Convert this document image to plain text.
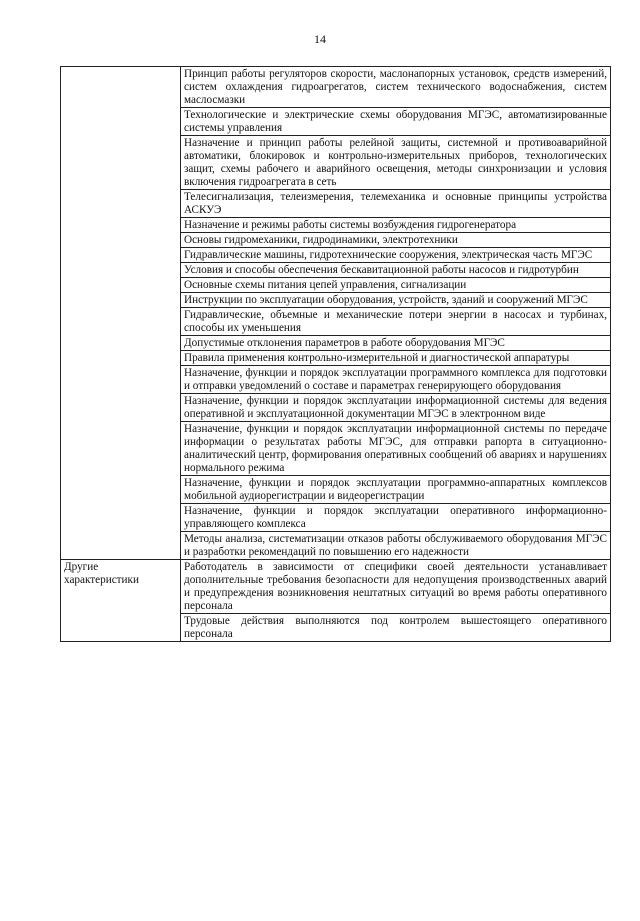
14

	Принцип работы регуляторов скорости, маслонапорных установок, средств измерений, систем охлаждения гидроагрегатов, систем технического водоснабжения, систем маслосмазки

	Технологические и электрические схемы оборудования МГЭС, автоматизированные системы управления

	Назначение и принцип работы релейной защиты, системной и противоаварийной автоматики, блокировок и контрольно-измерительных приборов, технологических защит, схемы рабочего и аварийного освещения, методы синхронизации и условия включения гидроагрегата в сеть

	Телесигнализация, телеизмерения, телемеханика и основные принципы устройства АСКУЭ

	Назначение и режимы работы системы возбуждения гидрогенератора

	Основы гидромеханики, гидродинамики, электротехники

	Гидравлические машины, гидротехнические сооружения, электрическая часть МГЭС

	Условия и способы обеспечения бескавитационной работы насосов и гидротурбин

	Основные схемы питания цепей управления, сигнализации

	Инструкции по эксплуатации оборудования, устройств, зданий и сооружений МГЭС

	Гидравлические, объемные и механические потери энергии в насосах и турбинах, способы их уменьшения

	Допустимые отклонения параметров в работе оборудования МГЭС

	Правила применения контрольно-измерительной и диагностической аппаратуры

	Назначение, функции и порядок эксплуатации программного комплекса для подготовки и отправки уведомлений о составе и параметрах генерирующего оборудования

	Назначение, функции и порядок эксплуатации информационной системы для ведения оперативной и эксплуатационной документации МГЭС в электронном виде

	Назначение, функции и порядок эксплуатации информационной системы по передаче информации о результатах работы МГЭС, для отправки рапорта в ситуационно-аналитический центр, формирования оперативных сообщений об авариях и нарушениях нормального режима

	Назначение, функции и порядок эксплуатации программно-аппаратных комплексов мобильной аудиорегистрации и видеорегистрации

	Назначение, функции и порядок эксплуатации оперативного информационно-управляющего комплекса

	Методы анализа, систематизации отказов работы обслуживаемого оборудования МГЭС и разработки рекомендаций по повышению его надежности

Другие
характеристики	Работодатель в зависимости от специфики своей деятельности устанавливает дополнительные требования безопасности для недопущения производственных аварий и предупреждения возникновения нештатных ситуаций во время работы оперативного персонала

	Трудовые действия выполняются под контролем вышестоящего оперативного персонала
